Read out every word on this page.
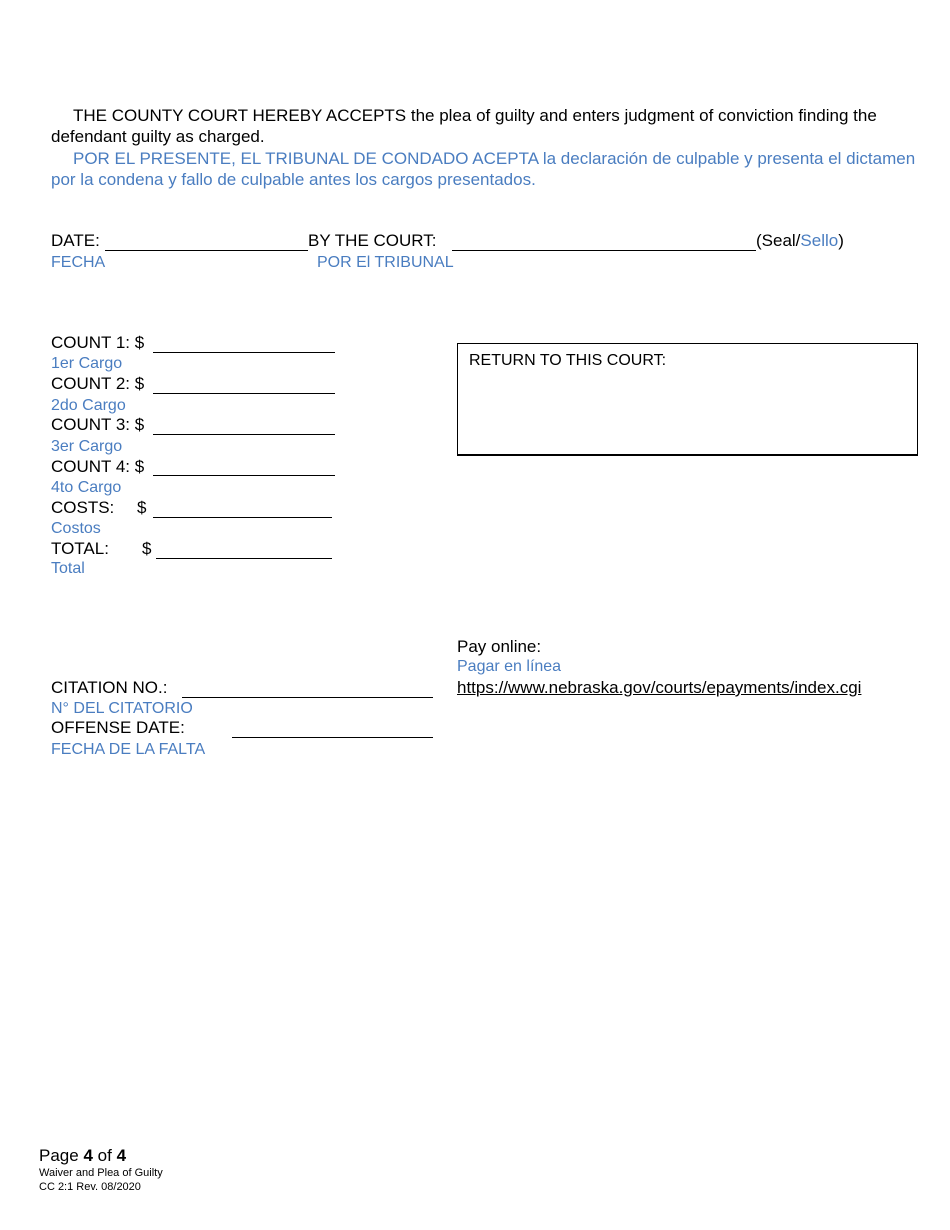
THE COUNTY COURT HEREBY ACCEPTS the plea of guilty and enters judgment of conviction finding the defendant guilty as charged.
POR EL PRESENTE, EL TRIBUNAL DE CONDADO ACEPTA la declaración de culpable y presenta el dictamen por la condena y fallo de culpable antes los cargos presentados.
DATE:	BY THE COURT:	(Seal/Sello)
FECHA	POR El TRIBUNAL
COUNT 1: $
1er Cargo
COUNT 2: $
2do Cargo
COUNT 3: $
3er Cargo
COUNT 4: $
4to Cargo
COSTS: $
Costos
TOTAL: $
Total
RETURN TO THIS COURT:
Pay online:
Pagar en línea
https://www.nebraska.gov/courts/epayments/index.cgi
CITATION NO.:
N° DEL CITATORIO
OFFENSE DATE:
FECHA DE LA FALTA
Page 4 of 4
Waiver and Plea of Guilty
CC 2:1 Rev. 08/2020
